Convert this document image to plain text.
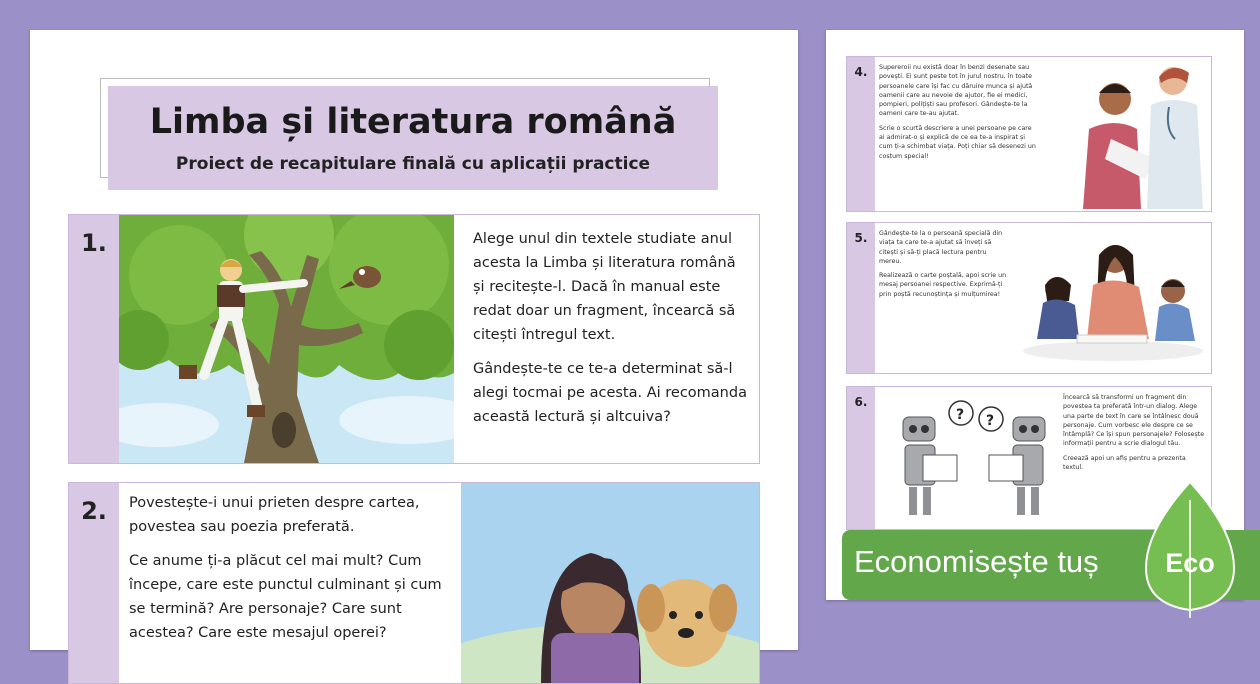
Limba și literatura română
Proiect de recapitulare finală cu aplicații practice
1.	Alege unul din textele studiate anul acesta la Limba și literatura română și recitește-l. Dacă în manual este redat doar un fragment, încearcă să citești întregul text.

Gândește-te ce te-a determinat să-l alegi tocmai pe acesta. Ai recomanda această lectură și altcuiva?

2.	Povestește-i unui prieten despre cartea, povestea sau poezia preferată.

Ce anume ți-a plăcut cel mai mult? Cum începe, care este punctul culminant și cum se termină? Are personaje? Care sunt acestea? Care este mesajul operei?

4.	Supereroii nu există doar în benzi desenate sau povești. Ei sunt peste tot în jurul nostru, în toate persoanele care își fac cu dăruire munca și ajută oamenii care au nevoie de ajutor, fie ei medici, pompieri, polițiști sau profesori. Gândește-te la oameni care te-au ajutat.

Scrie o scurtă descriere a unei persoane pe care ai admirat-o și explică de ce ea te-a inspirat și cum ți-a schimbat viața. Poți chiar să desenezi un costum special!

5.	Gândește-te la o persoană specială din viața ta care te-a ajutat să înveți să citești și să-ți placă lectura pentru mereu.

Realizează o carte poștală, apoi scrie un mesaj persoanei respective. Exprimă-ți prin poștă recunoștința și mulțumirea!

6.	Încearcă să transformi un fragment din povestea ta preferată într-un dialog. Alege una parte de text în care se întâlnesc două personaje. Cum vorbesc ele despre ce se întâmplă? Ce își spun personajele? Folosește informații pentru a scrie dialogul tău.

Creează apoi un afiș pentru a prezenta textul.

? ?
Economisește tuș Eco
